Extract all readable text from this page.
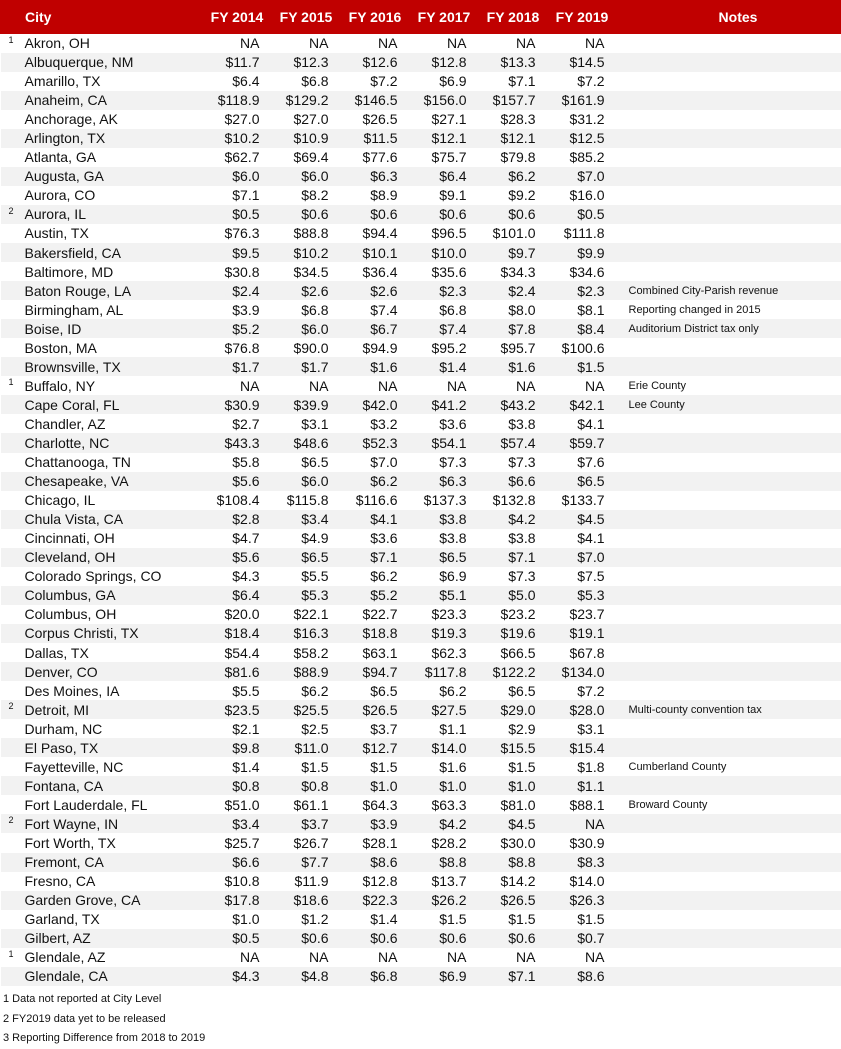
	City	FY 2014	FY 2015	FY 2016	FY 2017	FY 2018	FY 2019	Notes
1	Akron, OH	NA	NA	NA	NA	NA	NA	
	Albuquerque, NM	$11.7	$12.3	$12.6	$12.8	$13.3	$14.5	
	Amarillo, TX	$6.4	$6.8	$7.2	$6.9	$7.1	$7.2	
	Anaheim, CA	$118.9	$129.2	$146.5	$156.0	$157.7	$161.9	
	Anchorage, AK	$27.0	$27.0	$26.5	$27.1	$28.3	$31.2	
	Arlington, TX	$10.2	$10.9	$11.5	$12.1	$12.1	$12.5	
	Atlanta, GA	$62.7	$69.4	$77.6	$75.7	$79.8	$85.2	
	Augusta, GA	$6.0	$6.0	$6.3	$6.4	$6.2	$7.0	
	Aurora, CO	$7.1	$8.2	$8.9	$9.1	$9.2	$16.0	
2	Aurora, IL	$0.5	$0.6	$0.6	$0.6	$0.6	$0.5	
	Austin, TX	$76.3	$88.8	$94.4	$96.5	$101.0	$111.8	
	Bakersfield, CA	$9.5	$10.2	$10.1	$10.0	$9.7	$9.9	
	Baltimore, MD	$30.8	$34.5	$36.4	$35.6	$34.3	$34.6	
	Baton Rouge, LA	$2.4	$2.6	$2.6	$2.3	$2.4	$2.3	Combined City-Parish revenue
	Birmingham, AL	$3.9	$6.8	$7.4	$6.8	$8.0	$8.1	Reporting changed in 2015
	Boise, ID	$5.2	$6.0	$6.7	$7.4	$7.8	$8.4	Auditorium District tax only
	Boston, MA	$76.8	$90.0	$94.9	$95.2	$95.7	$100.6	
	Brownsville, TX	$1.7	$1.7	$1.6	$1.4	$1.6	$1.5	
1	Buffalo, NY	NA	NA	NA	NA	NA	NA	Erie County
	Cape Coral, FL	$30.9	$39.9	$42.0	$41.2	$43.2	$42.1	Lee County
	Chandler, AZ	$2.7	$3.1	$3.2	$3.6	$3.8	$4.1	
	Charlotte, NC	$43.3	$48.6	$52.3	$54.1	$57.4	$59.7	
	Chattanooga, TN	$5.8	$6.5	$7.0	$7.3	$7.3	$7.6	
	Chesapeake, VA	$5.6	$6.0	$6.2	$6.3	$6.6	$6.5	
	Chicago, IL	$108.4	$115.8	$116.6	$137.3	$132.8	$133.7	
	Chula Vista, CA	$2.8	$3.4	$4.1	$3.8	$4.2	$4.5	
	Cincinnati, OH	$4.7	$4.9	$3.6	$3.8	$3.8	$4.1	
	Cleveland, OH	$5.6	$6.5	$7.1	$6.5	$7.1	$7.0	
	Colorado Springs, CO	$4.3	$5.5	$6.2	$6.9	$7.3	$7.5	
	Columbus, GA	$6.4	$5.3	$5.2	$5.1	$5.0	$5.3	
	Columbus, OH	$20.0	$22.1	$22.7	$23.3	$23.2	$23.7	
	Corpus Christi, TX	$18.4	$16.3	$18.8	$19.3	$19.6	$19.1	
	Dallas, TX	$54.4	$58.2	$63.1	$62.3	$66.5	$67.8	
	Denver, CO	$81.6	$88.9	$94.7	$117.8	$122.2	$134.0	
	Des Moines, IA	$5.5	$6.2	$6.5	$6.2	$6.5	$7.2	
2	Detroit, MI	$23.5	$25.5	$26.5	$27.5	$29.0	$28.0	Multi-county convention tax
	Durham, NC	$2.1	$2.5	$3.7	$1.1	$2.9	$3.1	
	El Paso, TX	$9.8	$11.0	$12.7	$14.0	$15.5	$15.4	
	Fayetteville, NC	$1.4	$1.5	$1.5	$1.6	$1.5	$1.8	Cumberland County
	Fontana, CA	$0.8	$0.8	$1.0	$1.0	$1.0	$1.1	
	Fort Lauderdale, FL	$51.0	$61.1	$64.3	$63.3	$81.0	$88.1	Broward County
2	Fort Wayne, IN	$3.4	$3.7	$3.9	$4.2	$4.5	NA	
	Fort Worth, TX	$25.7	$26.7	$28.1	$28.2	$30.0	$30.9	
	Fremont, CA	$6.6	$7.7	$8.6	$8.8	$8.8	$8.3	
	Fresno, CA	$10.8	$11.9	$12.8	$13.7	$14.2	$14.0	
	Garden Grove, CA	$17.8	$18.6	$22.3	$26.2	$26.5	$26.3	
	Garland, TX	$1.0	$1.2	$1.4	$1.5	$1.5	$1.5	
	Gilbert, AZ	$0.5	$0.6	$0.6	$0.6	$0.6	$0.7	
1	Glendale, AZ	NA	NA	NA	NA	NA	NA	
	Glendale, CA	$4.3	$4.8	$6.8	$6.9	$7.1	$8.6	
1 Data not reported at City Level
2 FY2019 data yet to be released
3 Reporting Difference from 2018 to 2019
